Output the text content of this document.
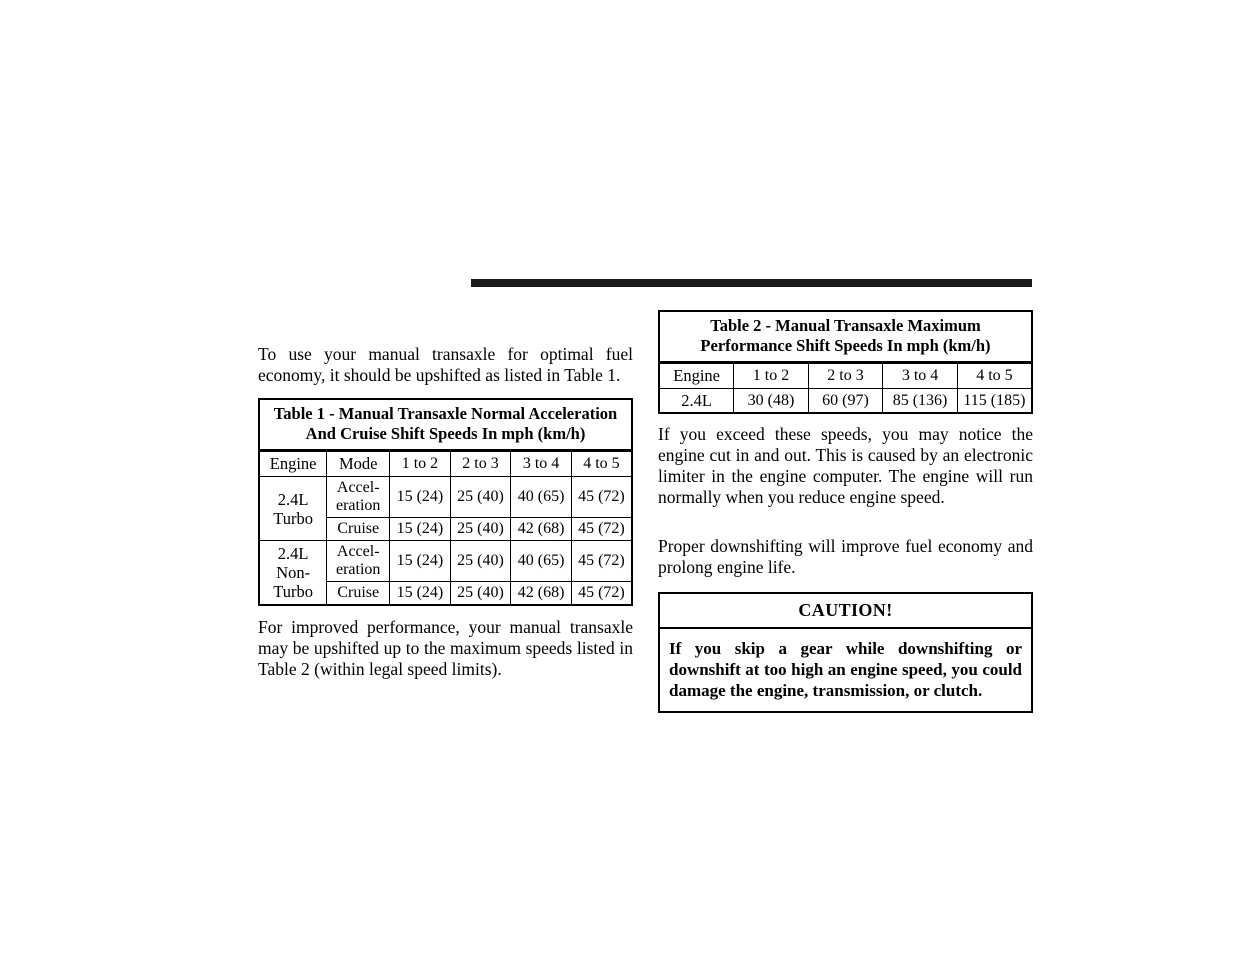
To use your manual transaxle for optimal fuel economy, it should be upshifted as listed in Table 1.

Table 1 - Manual Transaxle Normal Acceleration And Cruise Shift Speeds In mph (km/h)
Engine	Mode	1 to 2	2 to 3	3 to 4	4 to 5
2.4L Turbo	Accel- eration	15 (24)	25 (40)	40 (65)	45 (72)
	Cruise	15 (24)	25 (40)	42 (68)	45 (72)
2.4L Non- Turbo	Accel- eration	15 (24)	25 (40)	40 (65)	45 (72)
	Cruise	15 (24)	25 (40)	42 (68)	45 (72)

For improved performance, your manual transaxle may be upshifted up to the maximum speeds listed in Table 2 (within legal speed limits).

Table 2 - Manual Transaxle Maximum Performance Shift Speeds In mph (km/h)
Engine	1 to 2	2 to 3	3 to 4	4 to 5
2.4L	30 (48)	60 (97)	85 (136)	115 (185)

If you exceed these speeds, you may notice the engine cut in and out. This is caused by an electronic limiter in the engine computer. The engine will run normally when you reduce engine speed.

Proper downshifting will improve fuel economy and prolong engine life.

CAUTION!
If you skip a gear while downshifting or downshift at too high an engine speed, you could damage the engine, transmission, or clutch.
